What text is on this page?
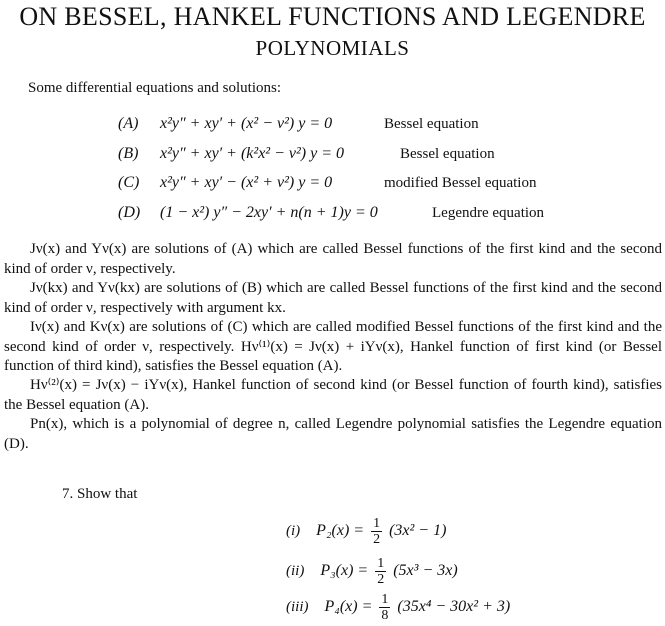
ON BESSEL, HANKEL FUNCTIONS AND LEGENDRE
POLYNOMIALS
Some differential equations and solutions:
(A) x²y″ + xy′ + (x² − ν²) y = 0	Bessel equation
(B) x²y″ + xy′ + (k²x² − ν²) y = 0	Bessel equation
(C) x²y″ + xy′ − (x² + ν²) y = 0	modified Bessel equation
(D) (1 − x²) y″ − 2xy′ + n(n + 1)y = 0	Legendre equation
Jν(x) and Yν(x) are solutions of (A) which are called Bessel functions of the first kind and the second kind of order ν, respectively.
Jν(kx) and Yν(kx) are solutions of (B) which are called Bessel functions of the first kind and the second kind of order ν, respectively with argument kx.
Iν(x) and Kν(x) are solutions of (C) which are called modified Bessel functions of the first kind and the second kind of order ν, respectively. Hν⁽¹⁾(x) = Jν(x) + iYν(x), Hankel function of first kind (or Bessel function of third kind), satisfies the Bessel equation (A).
Hν⁽²⁾(x) = Jν(x) − iYν(x), Hankel function of second kind (or Bessel function of fourth kind), satisfies the Bessel equation (A).
Pn(x), which is a polynomial of degree n, called Legendre polynomial satisfies the Legendre equation (D).
7. Show that
(i) $P_2(x) = \frac{1}{2} (3x^2 - 1)$
(ii) $P_3(x) = \frac{1}{2} (5x^3 - 3x)$
(iii) $P_4(x) = \frac{1}{8} (35x^4 - 30x^2 + 3)$
